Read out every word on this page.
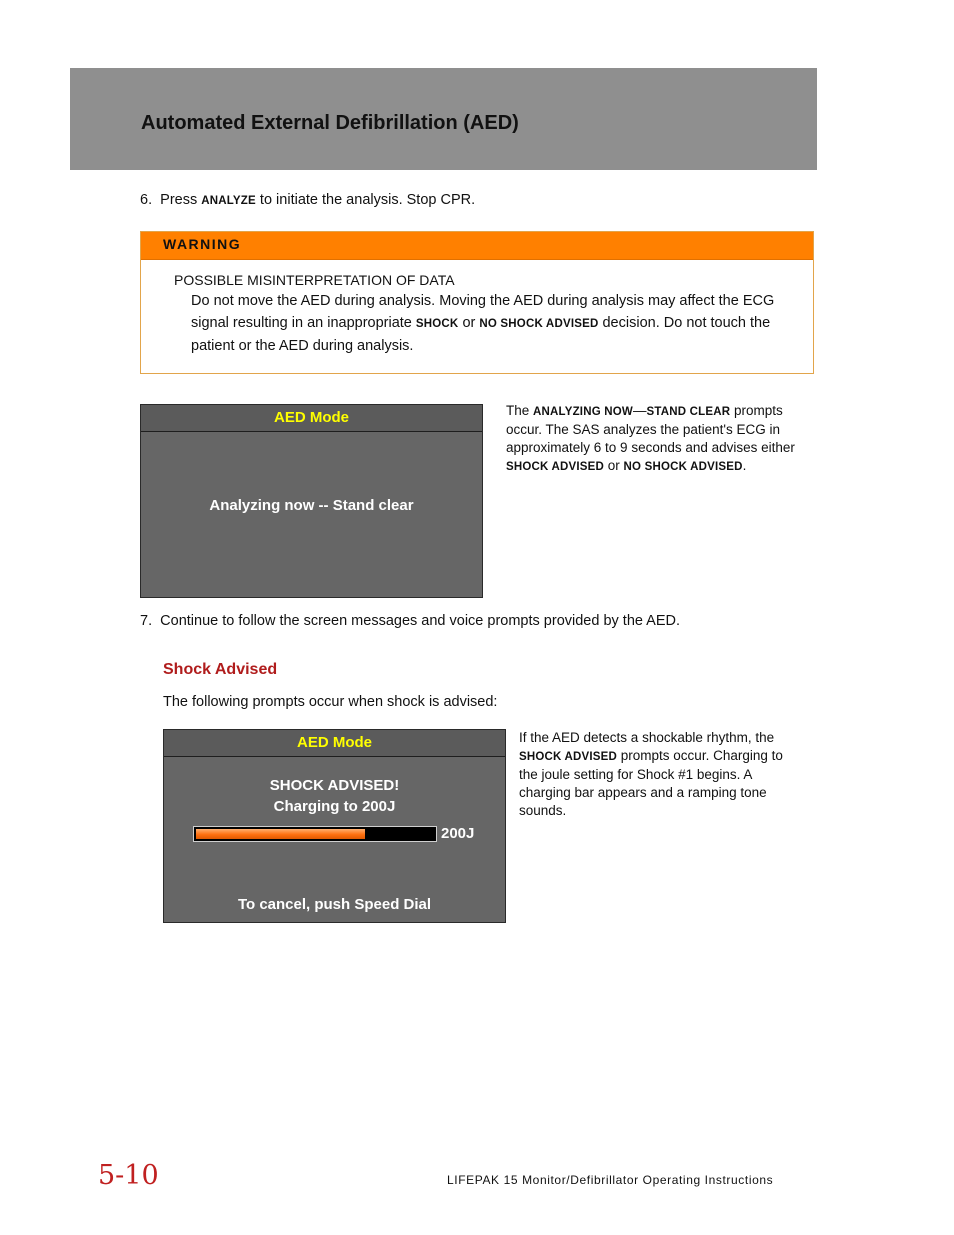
Automated External Defibrillation (AED)
6. Press ANALYZE to initiate the analysis. Stop CPR.
WARNING
POSSIBLE MISINTERPRETATION OF DATA
Do not move the AED during analysis. Moving the AED during analysis may affect the ECG signal resulting in an inappropriate SHOCK or NO SHOCK ADVISED decision. Do not touch the patient or the AED during analysis.
AED Mode
Analyzing now -- Stand clear
The ANALYZING NOW—STAND CLEAR prompts occur. The SAS analyzes the patient's ECG in approximately 6 to 9 seconds and advises either SHOCK ADVISED or NO SHOCK ADVISED.
7. Continue to follow the screen messages and voice prompts provided by the AED.
Shock Advised
The following prompts occur when shock is advised:
AED Mode
SHOCK ADVISED!
Charging to 200J
200J
To cancel, push Speed Dial
If the AED detects a shockable rhythm, the SHOCK ADVISED prompts occur. Charging to the joule setting for Shock #1 begins. A charging bar appears and a ramping tone sounds.
5-10	LIFEPAK 15 Monitor/Defibrillator Operating Instructions
